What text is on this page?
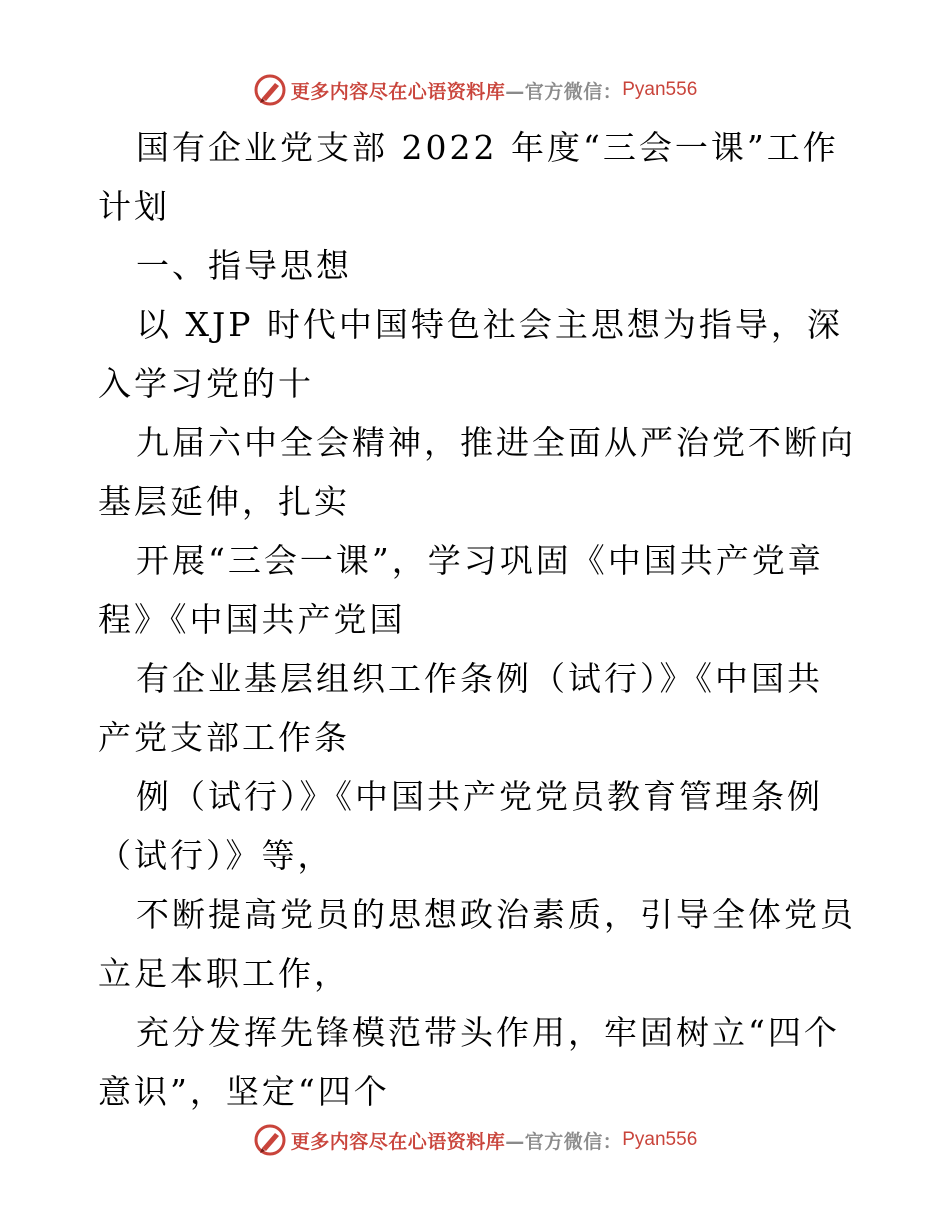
更多内容尽在心语资料库 —官方微信： Pyan556

国有企业党支部 2022 年度“三会一课”工作计划

一、指导思想

以 XJP 时代中国特色社会主思想为指导，深入学习党的十

九届六中全会精神，推进全面从严治党不断向基层延伸，扎实

开展“三会一课”，学习巩固《中国共产党章程》《中国共产党国

有企业基层组织工作条例（试行）》《中国共产党支部工作条

例（试行）》《中国共产党党员教育管理条例（试行）》等，

不断提高党员的思想政治素质，引导全体党员立足本职工作，

充分发挥先锋模范带头作用，牢固树立“四个意识”，坚定“四个

更多内容尽在心语资料库 —官方微信： Pyan556
